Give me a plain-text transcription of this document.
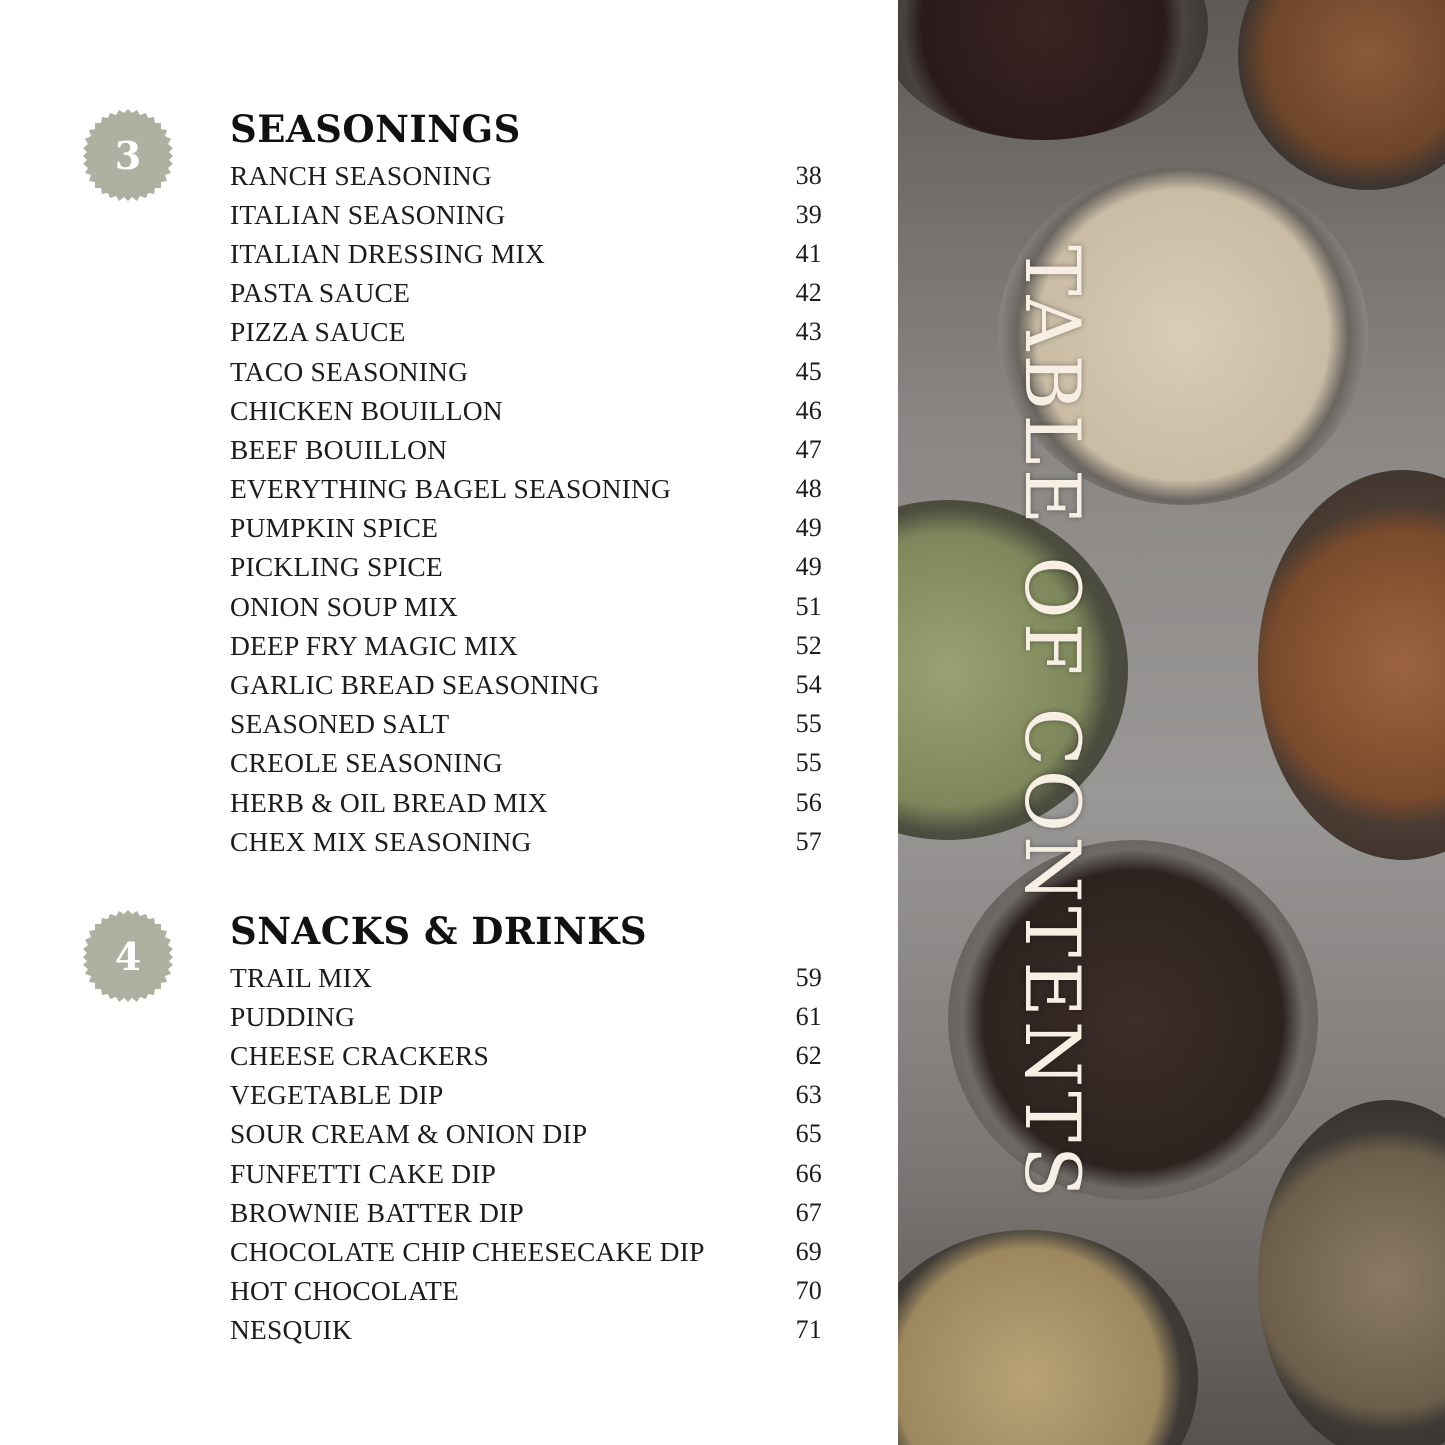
3
SEASONINGS
RANCH SEASONING	38
ITALIAN SEASONING	39
ITALIAN DRESSING MIX	41
PASTA SAUCE	42
PIZZA SAUCE	43
TACO SEASONING	45
CHICKEN BOUILLON	46
BEEF BOUILLON	47
EVERYTHING BAGEL SEASONING	48
PUMPKIN SPICE	49
PICKLING SPICE	49
ONION SOUP MIX	51
DEEP FRY MAGIC MIX	52
GARLIC BREAD SEASONING	54
SEASONED SALT	55
CREOLE SEASONING	55
HERB & OIL BREAD MIX	56
CHEX MIX SEASONING	57
4
SNACKS & DRINKS
TRAIL MIX	59
PUDDING	61
CHEESE CRACKERS	62
VEGETABLE DIP	63
SOUR CREAM & ONION DIP	65
FUNFETTI CAKE DIP	66
BROWNIE BATTER DIP	67
CHOCOLATE CHIP CHEESECAKE DIP	69
HOT CHOCOLATE	70
NESQUIK	71
TABLE OF CONTENTS
